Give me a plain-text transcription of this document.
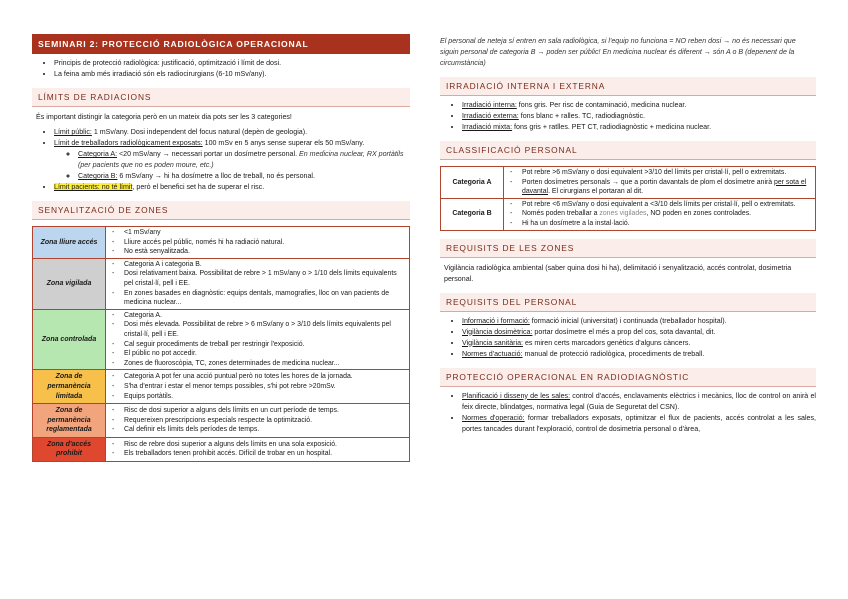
SEMINARI 2: PROTECCIÓ RADIOLÒGICA OPERACIONAL
• Principis de protecció radiològica: justificació, optimització i límit de dosi.
• La feina amb més irradiació són els radiocirurgians (6-10 mSv/any).
LÍMITS DE RADIACIONS

És important distingir la categoria però en un mateix dia pots ser les 3 categories!

• Límit públic: 1 mSv/any. Dosi independent del focus natural (depèn de geologia).
• Límit de treballadors radiològicament exposats: 100 mSv en 5 anys sense superar els 50 mSv/any.
◦ Categoria A: <20 mSv/any → necessari portar un dosímetre personal. En medicina nuclear, RX portàtils (per pacients que no es poden moure, etc.)
◦ Categoria B: 6 mSv/any → hi ha dosímetre a lloc de treball, no és personal.
• Límit pacients: no té límit, però el benefici set ha de superar el risc.
SENYALITZACIÓ DE ZONES
Zona lliure accés	- <1 mSv/any
- Lliure accés pel públic, només hi ha radiació natural.
- No està senyalitzada.

Zona vigilada	- Categoria A i categoria B.
- Dosi relativament baixa. Possibilitat de rebre > 1 mSv/any o > 1/10 dels límits equivalents pel cristal·lí, pell i EE.
- En zones basades en diagnòstic: equips dentals, mamografies, lloc on van pacients de medicina nuclear...

Zona controlada	- Categoria A.
- Dosi més elevada. Possibilitat de rebre > 6 mSv/any o > 3/10 dels límits equivalents pel cristal·lí, pell i EE.
- Cal seguir procediments de treball per restringir l'exposició.
- El públic no pot accedir.
- Zones de fluoroscòpia, TC, zones determinades de medicina nuclear...

Zona de permanència limitada	- Categoria A pot fer una acció puntual però no totes les hores de la jornada.
- S'ha d'entrar i estar el menor temps possibles, s'hi pot rebre >20mSv.
- Equips portàtils.

Zona de permanència reglamentada	- Risc de dosi superior a alguns dels límits en un curt període de temps.
- Requereixen prescripcions especials respecte la optimització.
- Cal definir els límits dels períodes de temps.

Zona d'accés prohibit	- Risc de rebre dosi superior a alguns dels límits en una sola exposició.
- Els treballadors tenen prohibit accés. Difícil de trobar en un hospital.

El personal de neteja sí entren en sala radiològica, si l'equip no funciona = NO reben dosi → no és necessari que siguin personal de categoria B → poden ser públic! En medicina nuclear és diferent → són A o B (depenent de la circumstància)

IRRADIACIÓ INTERNA I EXTERNA
• Irradiació interna: fons gris. Per risc de contaminació, medicina nuclear.
• Irradiació externa: fons blanc + ralles. TC, radiodiagnòstic.
• Irradiació mixta: fons gris + ratlles. PET CT, radiodiagnòstic + medicina nuclear.
CLASSIFICACIÓ PERSONAL
Categoria A	- Pot rebre >6 mSv/any o dosi equivalent >3/10 del límits per cristal·lí, pell o extremitats.
- Porten dosímetres personals → que a portin davantals de plom el dosímetre anirà per sota el davantal. El cirurgians el portaran al dit.

Categoria B	- Pot rebre <6 mSv/any o dosi equivalent a <3/10 dels límits per cristal·lí, pell o extremitats.
- Només poden treballar a zones vigilades, NO poden en zones controlades.
- Hi ha un dosímetre a la instal·lació.
REQUISITS DE LES ZONES

Vigilància radiològica ambiental (saber quina dosi hi ha), delimitació i senyalització, accés controlat, dosimetria personal.

REQUISITS DEL PERSONAL
• Informació i formació: formació inicial (universitat) i continuada (treballador hospital).
• Vigilància dosimètrica: portar dosímetre el més a prop del cos, sota davantal, dit.
• Vigilància sanitària: es miren certs marcadors genètics d'alguns càncers.
• Normes d'actuació: manual de protecció radiològica, procediments de treball.
PROTECCIÓ OPERACIONAL EN RADIODIAGNÒSTIC
• Planificació i disseny de les sales: control d'accés, enclavaments elèctrics i mecànics, lloc de control on anirà el feix directe, blindatges, normativa legal (Guia de Seguretat del CSN).
• Normes d'operació: formar treballadors exposats, optimitzar el flux de pacients, accés controlat a les sales, portes tancades durant l'exploració, control de dosimetria personal o d'àrea,
